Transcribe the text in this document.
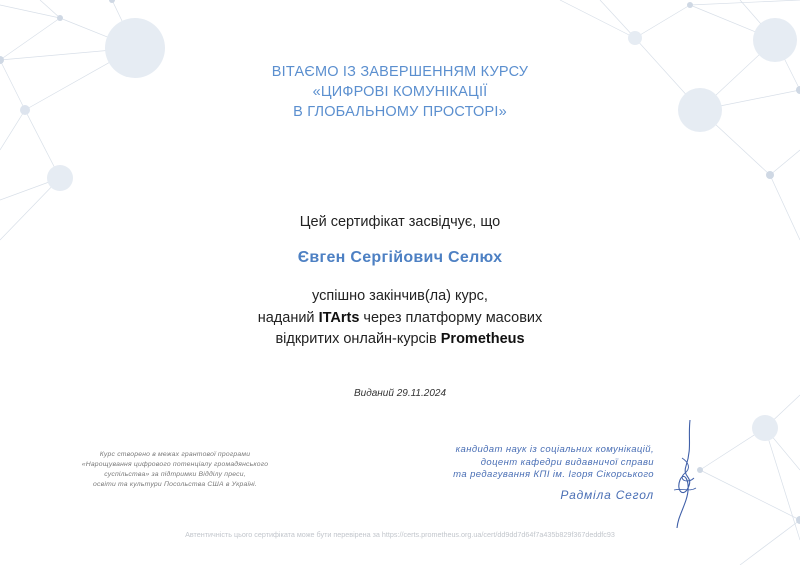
ВІТАЄМО ІЗ ЗАВЕРШЕННЯМ КУРСУ
«ЦИФРОВІ КОМУНІКАЦІЇ
В ГЛОБАЛЬНОМУ ПРОСТОРІ»
Цей сертифікат засвідчує, що
Євген Сергійович Селюх
успішно закінчив(ла) курс,
наданий ITArts через платформу масових
відкритих онлайн-курсів Prometheus
Виданий 29.11.2024
Курс створено в межах грантової програми
«Нарощування цифрового потенціалу громадянського
суспільства» за підтримки Відділу преси,
освіти та культури Посольства США в Україні.
кандидат наук із соціальних комунікацій,
доцент кафедри видавничої справи
та редагування КПІ ім. Ігоря Сікорського
Радміла Сегол
Автентичність цього сертифіката може бути перевірена за https://certs.prometheus.org.ua/cert/dd9dd7d64f7a435b829f367deddfc93
